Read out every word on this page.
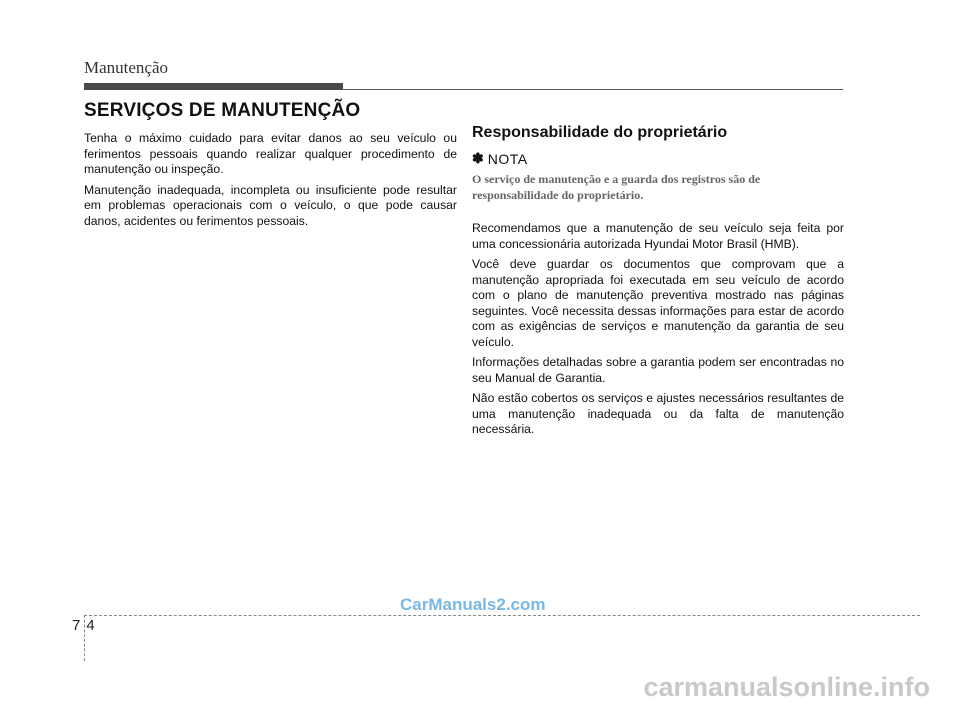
Manutenção
SERVIÇOS DE MANUTENÇÃO

Tenha o máximo cuidado para evitar danos ao seu veículo ou ferimentos pessoais quando realizar qualquer procedimento de manutenção ou inspeção.

Manutenção inadequada, incompleta ou insuficiente pode resultar em problemas operacionais com o veículo, o que pode causar danos, acidentes ou ferimentos pessoais.

Responsabilidade do proprietário
✽ NOTA
O serviço de manutenção e a guarda dos registros são de responsabilidade do proprietário.

Recomendamos que a manutenção de seu veículo seja feita por uma concessionária autorizada Hyundai Motor Brasil (HMB).

Você deve guardar os documentos que comprovam que a manutenção apropriada foi executada em seu veículo de acordo com o plano de manutenção preventiva mostrado nas páginas seguintes. Você necessita dessas informações para estar de acordo com as exigências de serviços e manutenção da garantia de seu veículo.

Informações detalhadas sobre a garantia podem ser encontradas no seu Manual de Garantia.

Não estão cobertos os serviços e ajustes necessários resultantes de uma manutenção inadequada ou da falta de manutenção necessária.

CarManuals2.com
7 4
carmanualsonline.info
